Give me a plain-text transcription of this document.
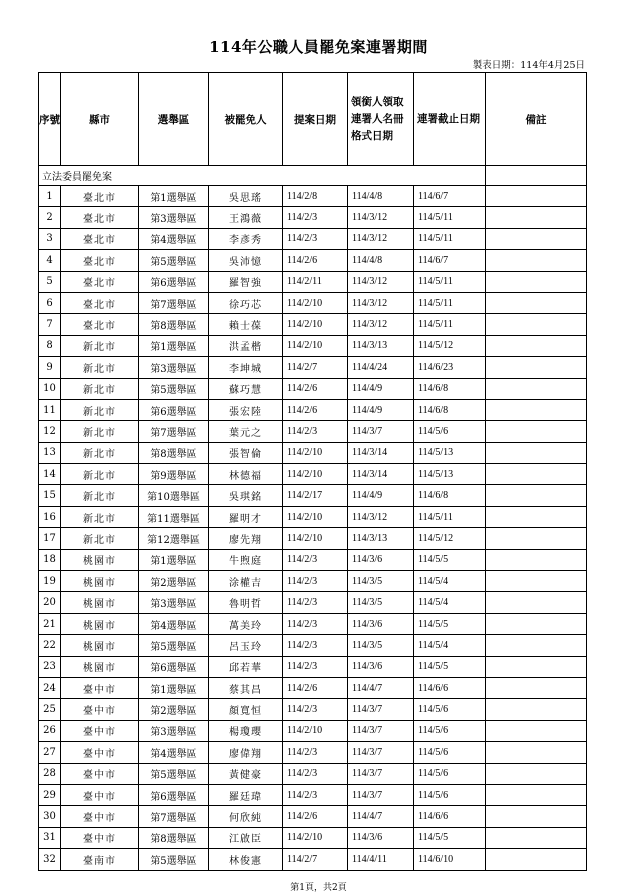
114年公職人員罷免案連署期間
製表日期：114年4月25日
序號	縣市	選舉區	被罷免人	提案日期	領銜人領取連署人名冊格式日期	連署截止日期	備註
立法委員罷免案							
1	臺北市	第1選舉區	吳思瑤	114/2/8	114/4/8	114/6/7	
2	臺北市	第3選舉區	王鴻薇	114/2/3	114/3/12	114/5/11	
3	臺北市	第4選舉區	李彥秀	114/2/3	114/3/12	114/5/11	
4	臺北市	第5選舉區	吳沛憶	114/2/6	114/4/8	114/6/7	
5	臺北市	第6選舉區	羅智強	114/2/11	114/3/12	114/5/11	
6	臺北市	第7選舉區	徐巧芯	114/2/10	114/3/12	114/5/11	
7	臺北市	第8選舉區	賴士葆	114/2/10	114/3/12	114/5/11	
8	新北市	第1選舉區	洪孟楷	114/2/10	114/3/13	114/5/12	
9	新北市	第3選舉區	李坤城	114/2/7	114/4/24	114/6/23	
10	新北市	第5選舉區	蘇巧慧	114/2/6	114/4/9	114/6/8	
11	新北市	第6選舉區	張宏陸	114/2/6	114/4/9	114/6/8	
12	新北市	第7選舉區	葉元之	114/2/3	114/3/7	114/5/6	
13	新北市	第8選舉區	張智倫	114/2/10	114/3/14	114/5/13	
14	新北市	第9選舉區	林德福	114/2/10	114/3/14	114/5/13	
15	新北市	第10選舉區	吳琪銘	114/2/17	114/4/9	114/6/8	
16	新北市	第11選舉區	羅明才	114/2/10	114/3/12	114/5/11	
17	新北市	第12選舉區	廖先翔	114/2/10	114/3/13	114/5/12	
18	桃園市	第1選舉區	牛煦庭	114/2/3	114/3/6	114/5/5	
19	桃園市	第2選舉區	涂權吉	114/2/3	114/3/5	114/5/4	
20	桃園市	第3選舉區	魯明哲	114/2/3	114/3/5	114/5/4	
21	桃園市	第4選舉區	萬美玲	114/2/3	114/3/6	114/5/5	
22	桃園市	第5選舉區	呂玉玲	114/2/3	114/3/5	114/5/4	
23	桃園市	第6選舉區	邱若華	114/2/3	114/3/6	114/5/5	
24	臺中市	第1選舉區	蔡其昌	114/2/6	114/4/7	114/6/6	
25	臺中市	第2選舉區	顏寬恒	114/2/3	114/3/7	114/5/6	
26	臺中市	第3選舉區	楊瓊瓔	114/2/10	114/3/7	114/5/6	
27	臺中市	第4選舉區	廖偉翔	114/2/3	114/3/7	114/5/6	
28	臺中市	第5選舉區	黃健豪	114/2/3	114/3/7	114/5/6	
29	臺中市	第6選舉區	羅廷瑋	114/2/3	114/3/7	114/5/6	
30	臺中市	第7選舉區	何欣純	114/2/6	114/4/7	114/6/6	
31	臺中市	第8選舉區	江啟臣	114/2/10	114/3/6	114/5/5	
32	臺南市	第5選舉區	林俊憲	114/2/7	114/4/11	114/6/10	
第1頁，共2頁
